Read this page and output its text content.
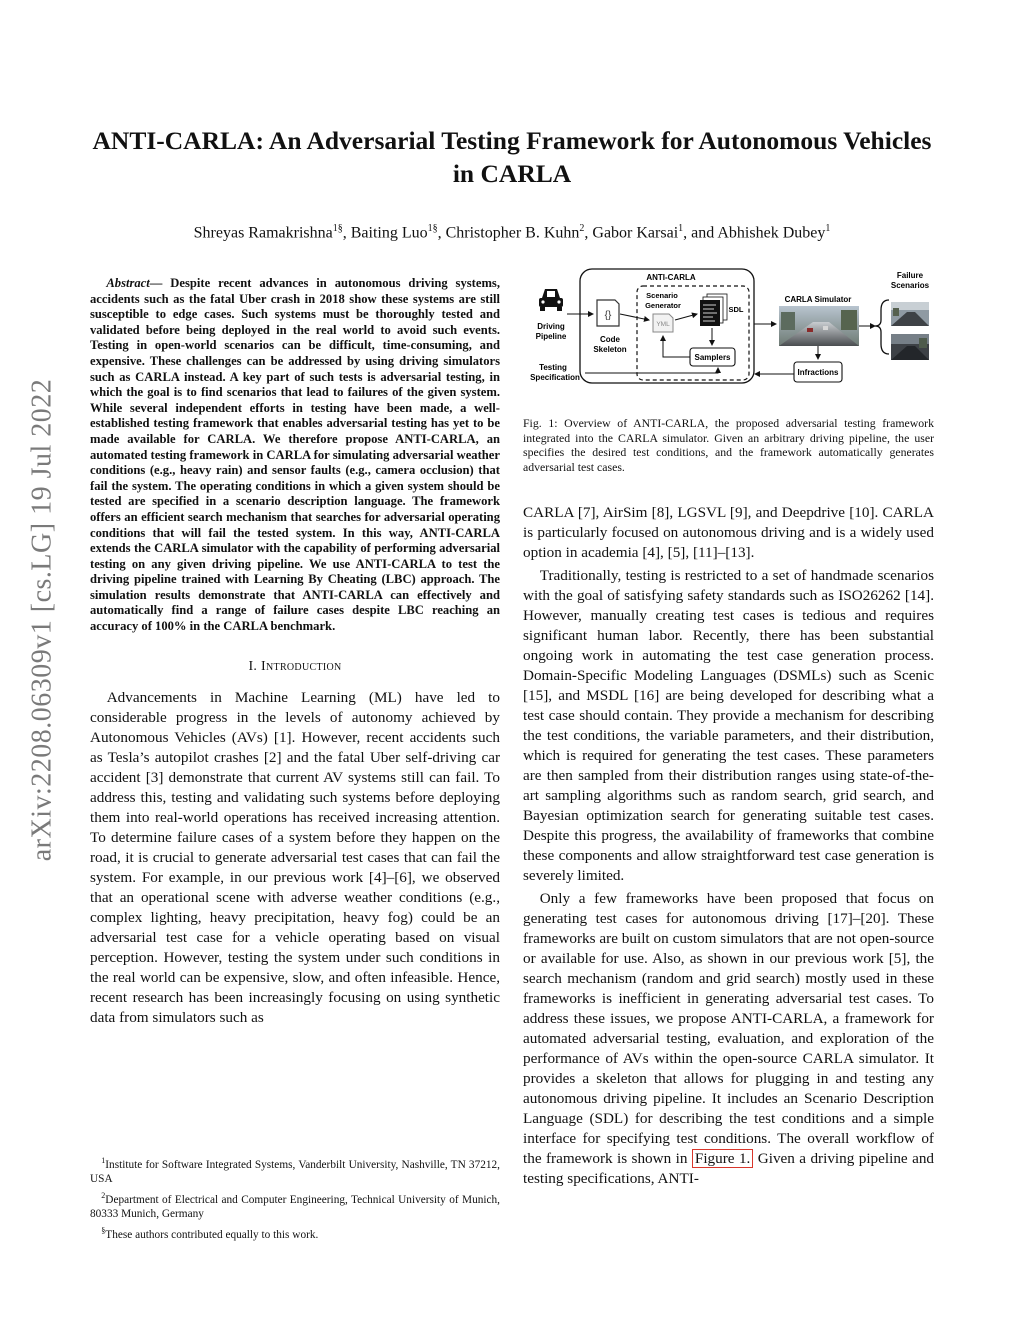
arXiv:2208.06309v1 [cs.LG] 19 Jul 2022
ANTI-CARLA: An Adversarial Testing Framework for Autonomous Vehicles in CARLA
Shreyas Ramakrishna$^{1\S}$, Baiting Luo$^{1\S}$, Christopher B. Kuhn$^2$, Gabor Karsai$^1$, and Abhishek Dubey$^1$

Abstract— Despite recent advances in autonomous driving systems, accidents such as the fatal Uber crash in 2018 show these systems are still susceptible to edge cases. Such systems must be thoroughly tested and validated before being deployed in the real world to avoid such events. Testing in open-world scenarios can be difficult, time-consuming, and expensive. These challenges can be addressed by using driving simulators such as CARLA instead. A key part of such tests is adversarial testing, in which the goal is to find scenarios that lead to failures of the given system. While several independent efforts in testing have been made, a well-established testing framework that enables adversarial testing has yet to be made available for CARLA. We therefore propose ANTI-CARLA, an automated testing framework in CARLA for simulating adversarial weather conditions (e.g., heavy rain) and sensor faults (e.g., camera occlusion) that fail the system. The operating conditions in which a given system should be tested are specified in a scenario description language. The framework offers an efficient search mechanism that searches for adversarial operating conditions that will fail the tested system. In this way, ANTI-CARLA extends the CARLA simulator with the capability of performing adversarial testing on any given driving pipeline. We use ANTI-CARLA to test the driving pipeline trained with Learning By Cheating (LBC) approach. The simulation results demonstrate that ANTI-CARLA can effectively and automatically find a range of failure cases despite LBC reaching an accuracy of 100% in the CARLA benchmark.

I. Introduction

Advancements in Machine Learning (ML) have led to considerable progress in the levels of autonomy achieved by Autonomous Vehicles (AVs) [1]. However, recent accidents such as Tesla’s autopilot crashes [2] and the fatal Uber self-driving car accident [3] demonstrate that current AV systems still can fail. To address this, testing and validating such systems before deploying them into real-world operations has received increasing attention. To determine failure cases of a system before they happen on the road, it is crucial to generate adversarial test cases that can fail the system. For example, in our previous work [4]–[6], we observed that an operational scene with adverse weather conditions (e.g., complex lighting, heavy precipitation, heavy fog) could be an adversarial test case for a vehicle operating based on visual perception. However, testing the system under such conditions in the real world can be expensive, slow, and often infeasible. Hence, recent research has been increasingly focusing on using synthetic data from simulators such as

$^1$Institute for Software Integrated Systems, Vanderbilt University, Nashville, TN 37212, USA

$^2$Department of Electrical and Computer Engineering, Technical University of Munich, 80333 Munich, Germany

§These authors contributed equally to this work.

Driving
Pipeline
Testing
Specification
ANTI-CARLA
{}
Code
Skeleton
Scenario
Generator
YML
SDL
Samplers
CARLA Simulator
Infractions
Failure
Scenarios

Fig. 1: Overview of ANTI-CARLA, the proposed adversarial testing framework integrated into the CARLA simulator. Given an arbitrary driving pipeline, the user specifies the desired test conditions, and the framework automatically generates adversarial test cases.

CARLA [7], AirSim [8], LGSVL [9], and Deepdrive [10]. CARLA is particularly focused on autonomous driving and is a widely used option in academia [4], [5], [11]–[13].

Traditionally, testing is restricted to a set of handmade scenarios with the goal of satisfying safety standards such as ISO26262 [14]. However, manually creating test cases is tedious and requires significant human labor. Recently, there has been substantial ongoing work in automating the test case generation process. Domain-Specific Modeling Languages (DSMLs) such as Scenic [15], and MSDL [16] are being developed for describing what a test case should contain. They provide a mechanism for describing the test conditions, the variable parameters, and their distribution, which is required for generating the test cases. These parameters are then sampled from their distribution ranges using state-of-the-art sampling algorithms such as random search, grid search, and Bayesian optimization search for generating suitable test cases. Despite this progress, the availability of frameworks that combine these components and allow straightforward test case generation is severely limited.

Only a few frameworks have been proposed that focus on generating test cases for autonomous driving [17]–[20]. These frameworks are built on custom simulators that are not open-source or available for use. Also, as shown in our previous work [5], the search mechanism (random and grid search) mostly used in these frameworks is inefficient in generating adversarial test cases. To address these issues, we propose ANTI-CARLA, a framework for automated adversarial testing, evaluation, and exploration of the performance of AVs within the open-source CARLA simulator. It provides a skeleton that allows for plugging in and testing any autonomous driving pipeline. It includes an Scenario Description Language (SDL) for describing the test conditions and a simple interface for specifying test conditions. The overall workflow of the framework is shown in Figure 1. Given a driving pipeline and testing specifications, ANTI-
